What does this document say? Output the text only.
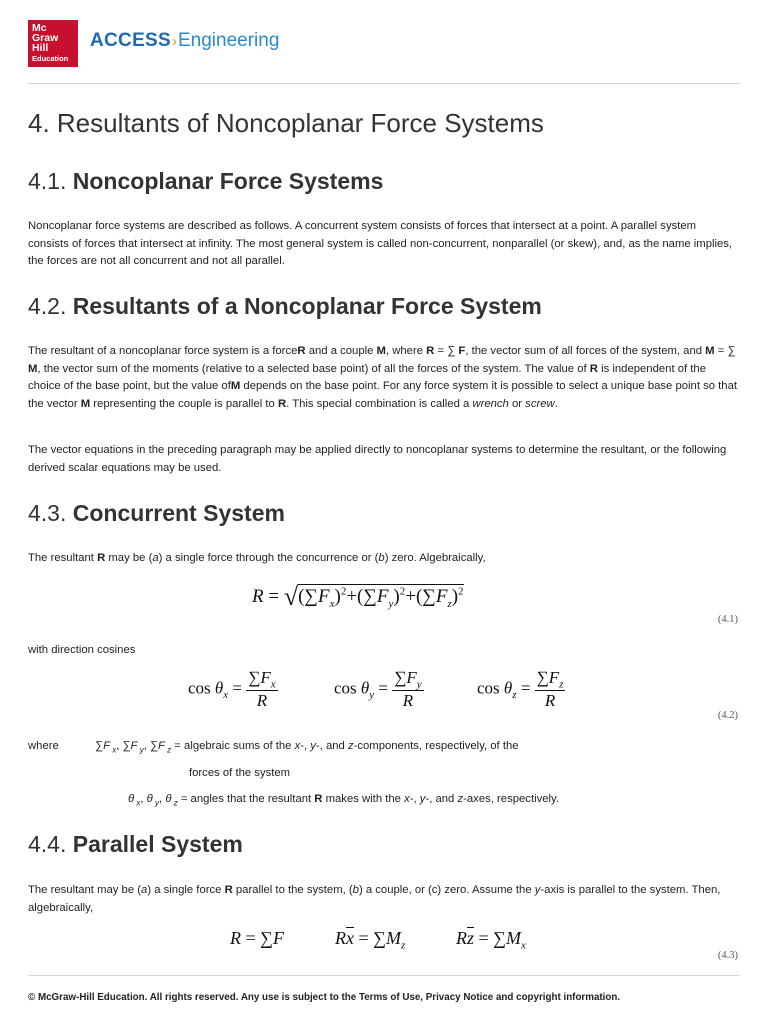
Mc
Graw
Hill
Education
ACCESS›Engineering
4. Resultants of Noncoplanar Force Systems
4.1. Noncoplanar Force Systems

Noncoplanar force systems are described as follows. A concurrent system consists of forces that intersect at a point. A parallel system consists of forces that intersect at infinity. The most general system is called non-concurrent, nonparallel (or skew), and, as the name implies, the forces are not all concurrent and not all parallel.

4.2. Resultants of a Noncoplanar Force System

The resultant of a noncoplanar force system is a forceR and a couple M, where R = ∑ F, the vector sum of all forces of the system, and M = ∑ M, the vector sum of the moments (relative to a selected base point) of all the forces of the system. The value of R is independent of the choice of the base point, but the value ofM depends on the base point. For any force system it is possible to select a unique base point so that the vector M representing the couple is parallel to R. This special combination is called a wrench or screw.

The vector equations in the preceding paragraph may be applied directly to noncoplanar systems to determine the resultant, or the following derived scalar equations may be used.

4.3. Concurrent System

The resultant R may be (a) a single force through the concurrence or (b) zero. Algebraically,

$R = √(\sum F_x)^2+(\sum F_y)^2+(\sum F_z)^2$
(4.1)

with direction cosines

$\cos \theta_x = \frac{\sum F_x}{R}$	$\cos \theta_y = \frac{\sum F_y}{R}$	$\cos \theta_z = \frac{\sum F_z}{R}$
(4.2)
where	∑F $_x$, ∑F $_y$, ∑F $_z$ = algebraic sums of the x-, y-, and z-components, respectively, of the
forces of the system
θ $_x$, θ $_y$, θ $_z$ = angles that the resultant R makes with the x-, y-, and z-axes, respectively.
4.4. Parallel System

The resultant may be (a) a single force R parallel to the system, (b) a couple, or (c) zero. Assume the y-axis is parallel to the system. Then, algebraically,

R = ∑F	$R\overline{x} = \sum M_z$	$R\overline{z} = \sum M_x$
(4.3)
© McGraw-Hill Education. All rights reserved. Any use is subject to the Terms of Use, Privacy Notice and copyright information.
